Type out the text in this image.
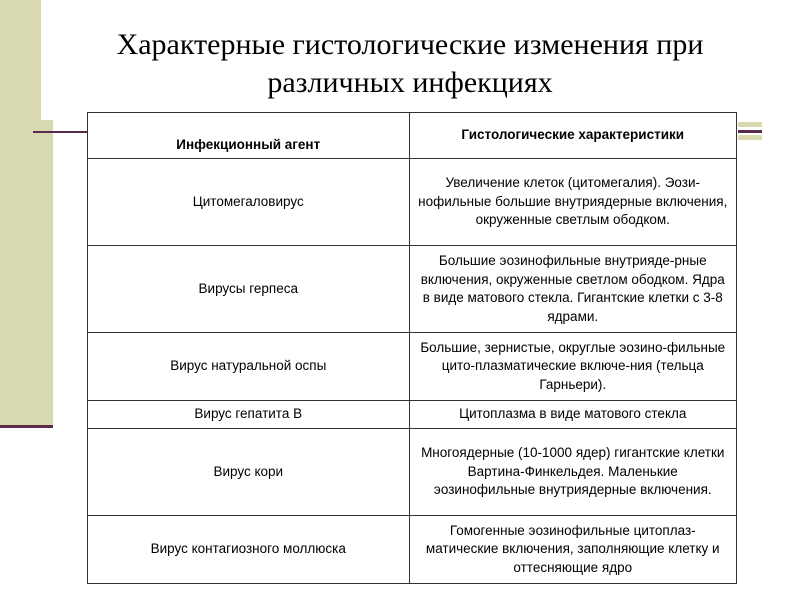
Характерные гистологические изменения при
различных инфекциях
Инфекционный агент	Гистологические характеристики
Цитомегаловирус	Увеличение клеток (цитомегалия). Эози-нофильные большие внутриядерные включения, окруженные светлым ободком.
Вирусы герпеса	Большие эозинофильные внутрияде-рные включения, окруженные светлом ободком. Ядра в виде матового стекла. Гигантские клетки с 3-8 ядрами.
Вирус натуральной оспы	Большие, зернистые, округлые эозино-фильные цито-плазматические включе-ния (тельца Гарньери).
Вирус гепатита В	Цитоплазма в виде матового стекла
Вирус кори	Многоядерные (10-1000 ядер) гигантские клетки Вартина-Финкельдея. Маленькие эозинофильные внутриядерные включения.
Вирус контагиозного моллюска	Гомогенные эозинофильные цитоплаз-матические включения, заполняющие клетку и оттесняющие ядро
